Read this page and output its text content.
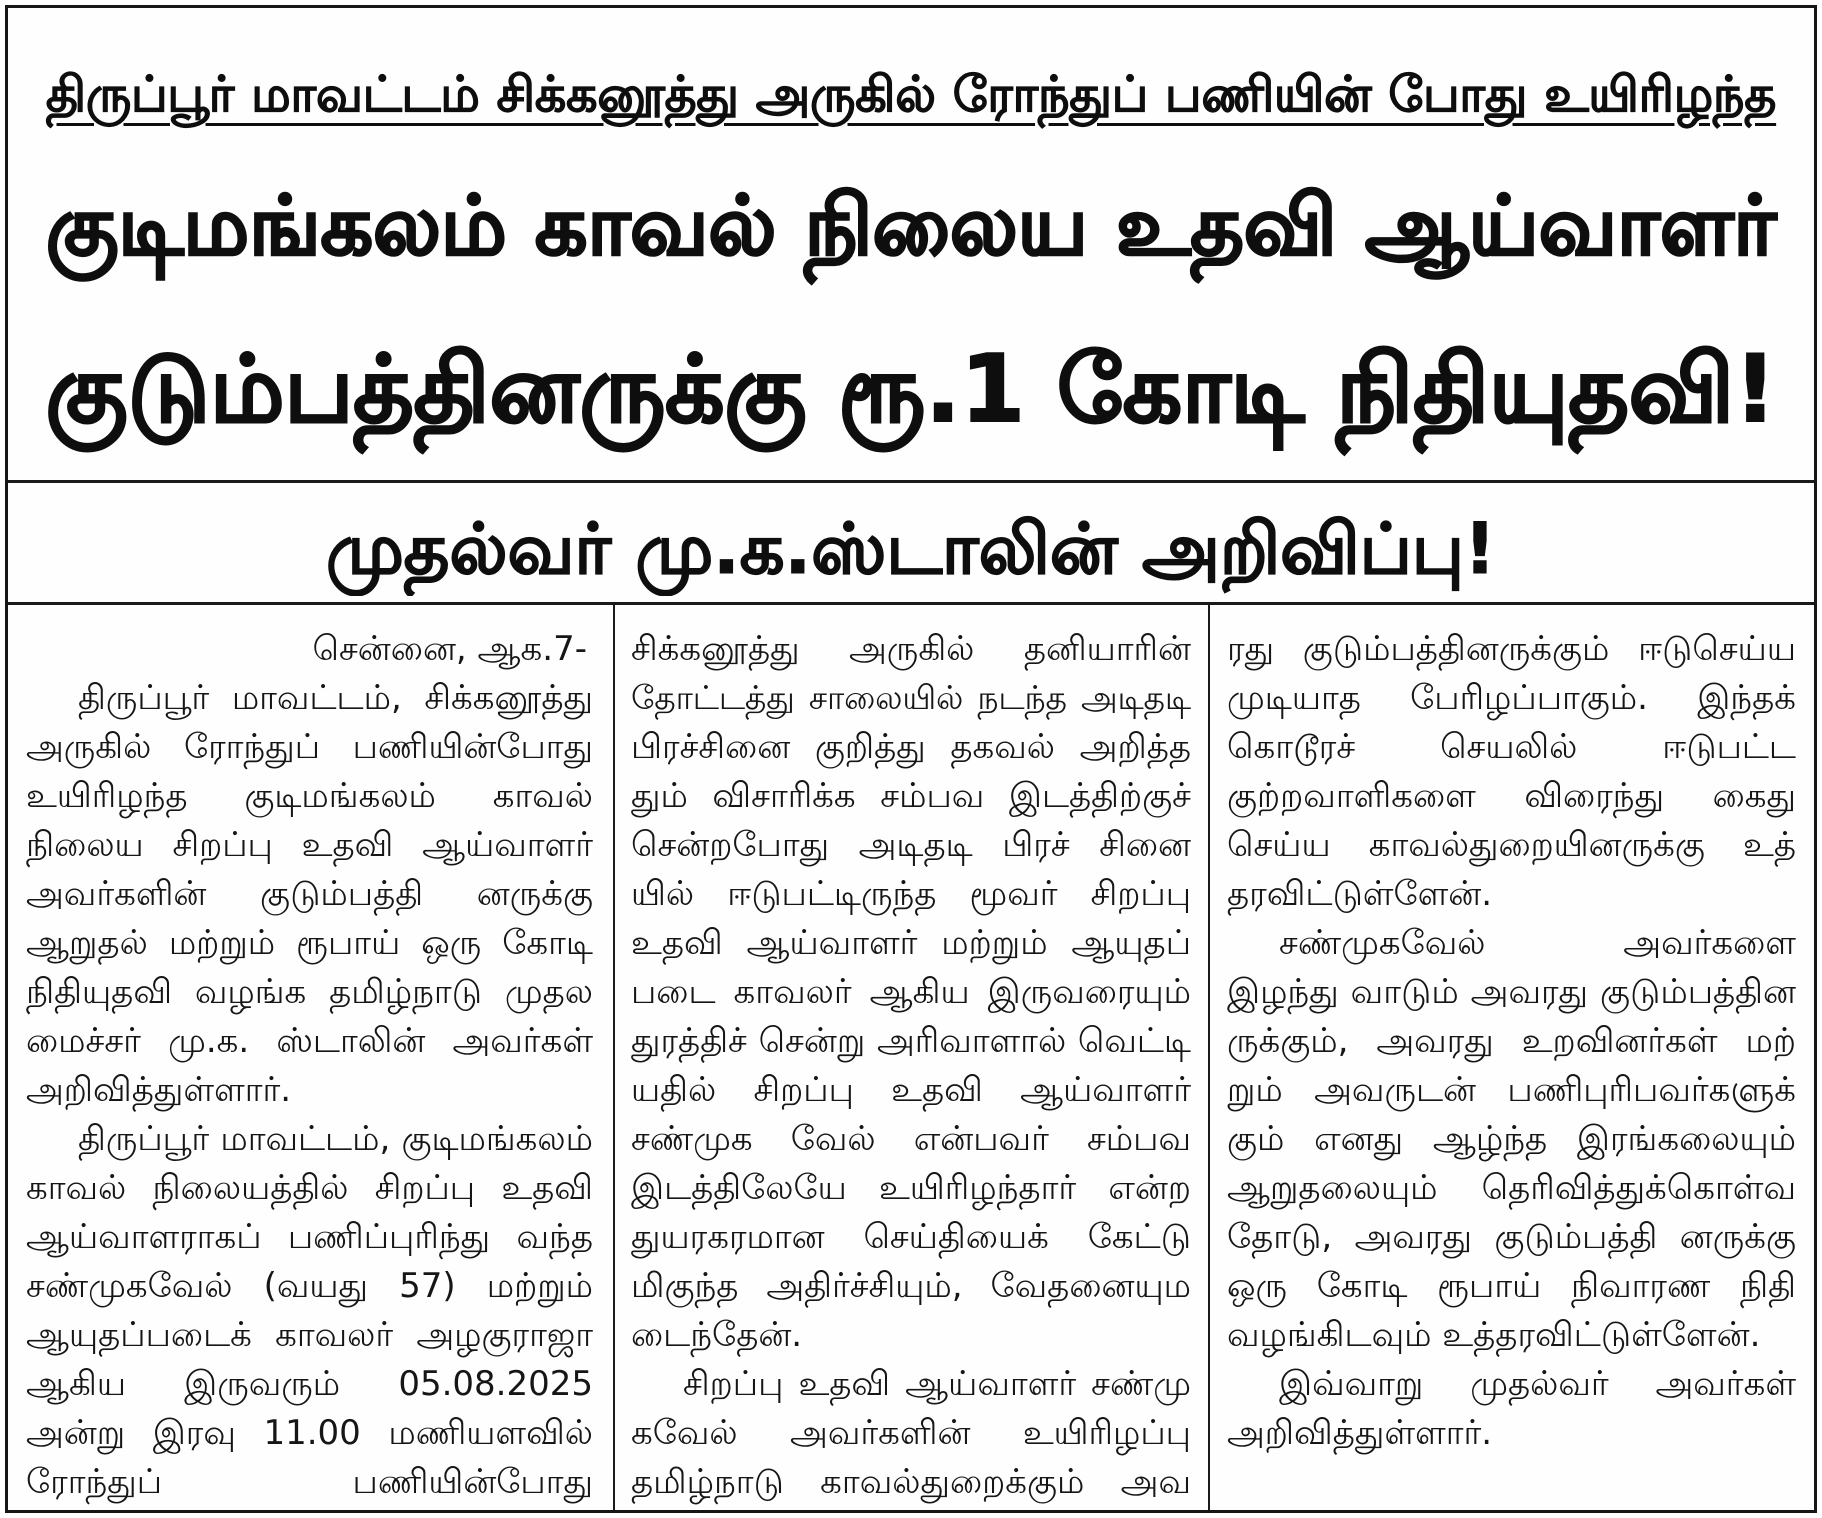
திருப்பூர் மாவட்டம் சிக்கனூத்து அருகில் ரோந்துப் பணியின் போது உயிரிழந்த
குடிமங்கலம் காவல் நிலைய உதவி ஆய்வாளர்
குடும்பத்தினருக்கு ரூ.1 கோடி நிதியுதவி!
முதல்வர் மு.க.ஸ்டாலின் அறிவிப்பு!
சென்னை, ஆக.7-
திருப்பூர் மாவட்டம், சிக்கனூத்து
அருகில் ரோந்துப் பணியின்போது
உயிரிழந்த குடிமங்கலம் காவல்
நிலைய சிறப்பு உதவி ஆய்வாளர்
அவர்களின் குடும்பத்தி னருக்கு
ஆறுதல் மற்றும் ரூபாய் ஒரு கோடி
நிதியுதவி வழங்க தமிழ்நாடு முதல
மைச்சர் மு.க. ஸ்டாலின் அவர்கள்
அறிவித்துள்ளார்.
திருப்பூர் மாவட்டம், குடிமங்கலம்
காவல் நிலையத்தில் சிறப்பு உதவி
ஆய்வாளராகப் பணிப்புரிந்து வந்த
சண்முகவேல் (வயது 57) மற்றும்
ஆயுதப்படைக் காவலர் அழகுராஜா
ஆகிய இருவரும் 05.08.2025
அன்று இரவு 11.00 மணியளவில்
ரோந்துப் பணியின்போது
சிக்கனூத்து அருகில் தனியாரின்
தோட்டத்து சாலையில் நடந்த அடிதடி
பிரச்சினை குறித்து தகவல் அறித்த
தும் விசாரிக்க சம்பவ இடத்திற்குச்
சென்றபோது அடிதடி பிரச் சினை
யில் ஈடுபட்டிருந்த மூவர் சிறப்பு
உதவி ஆய்வாளர் மற்றும் ஆயுதப்
படை காவலர் ஆகிய இருவரையும்
துரத்திச் சென்று அரிவாளால் வெட்டி
யதில் சிறப்பு உதவி ஆய்வாளர்
சண்முக வேல் என்பவர் சம்பவ
இடத்திலேயே உயிரிழந்தார் என்ற
துயரகரமான செய்தியைக் கேட்டு
மிகுந்த அதிர்ச்சியும், வேதனையும
டைந்தேன்.
சிறப்பு உதவி ஆய்வாளர் சண்மு
கவேல் அவர்களின் உயிரிழப்பு
தமிழ்நாடு காவல்துறைக்கும் அவ
ரது குடும்பத்தினருக்கும் ஈடுசெய்ய
முடியாத பேரிழப்பாகும். இந்தக்
கொடூரச் செயலில் ஈடுபட்ட
குற்றவாளிகளை விரைந்து கைது
செய்ய காவல்துறையினருக்கு உத்
தரவிட்டுள்ளேன்.
சண்முகவேல் அவர்களை
இழந்து வாடும் அவரது குடும்பத்தின
ருக்கும், அவரது உறவினர்கள் மற்
றும் அவருடன் பணிபுரிபவர்களுக்
கும் எனது ஆழ்ந்த இரங்கலையும்
ஆறுதலையும் தெரிவித்துக்கொள்வ
தோடு, அவரது குடும்பத்தி னருக்கு
ஒரு கோடி ரூபாய் நிவாரண நிதி
வழங்கிடவும் உத்தரவிட்டுள்ளேன்.
இவ்வாறு முதல்வர் அவர்கள்
அறிவித்துள்ளார்.
